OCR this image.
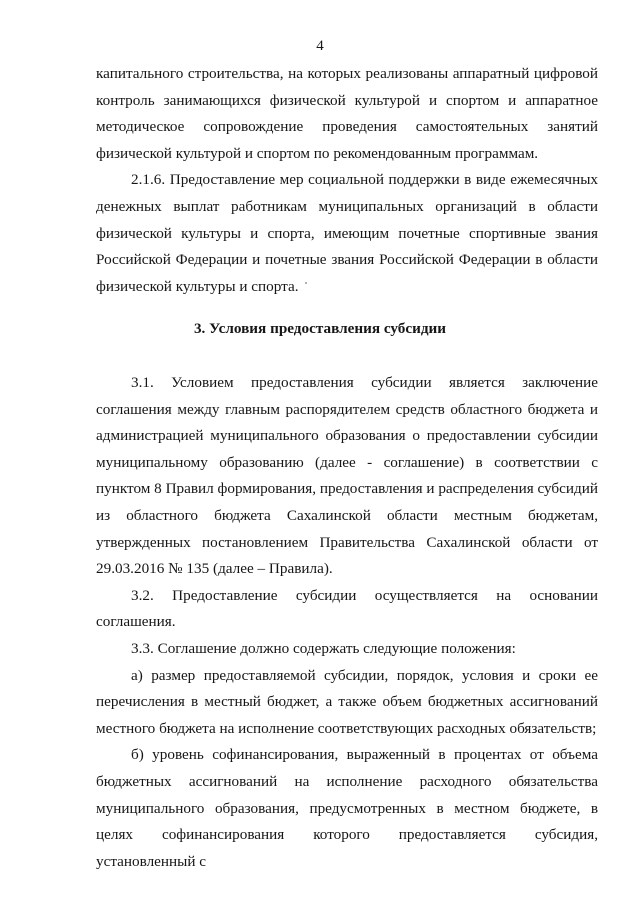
4

капитального строительства, на которых реализованы аппаратный цифровой контроль занимающихся физической культурой и спортом и аппаратное методическое сопровождение проведения самостоятельных занятий физической культурой и спортом по рекомендованным программам.

2.1.6. Предоставление мер социальной поддержки в виде ежемесячных денежных выплат работникам муниципальных организаций в области физической культуры и спорта, имеющим почетные спортивные звания Российской Федерации и почетные звания Российской Федерации в области физической культуры и спорта.

3. Условия предоставления субсидии

3.1. Условием предоставления субсидии является заключение соглашения между главным распорядителем средств областного бюджета и администрацией муниципального образования о предоставлении субсидии муниципальному образованию (далее - соглашение) в соответствии с пунктом 8 Правил формирования, предоставления и распределения субсидий из областного бюджета Сахалинской области местным бюджетам, утвержденных постановлением Правительства Сахалинской области от 29.03.2016 № 135 (далее – Правила).

3.2. Предоставление субсидии осуществляется на основании соглашения.

3.3. Соглашение должно содержать следующие положения:

а) размер предоставляемой субсидии, порядок, условия и сроки ее перечисления в местный бюджет, а также объем бюджетных ассигнований местного бюджета на исполнение соответствующих расходных обязательств;

б) уровень софинансирования, выраженный в процентах от объема бюджетных ассигнований на исполнение расходного обязательства муниципального образования, предусмотренных в местном бюджете, в целях софинансирования которого предоставляется субсидия, установленный с
